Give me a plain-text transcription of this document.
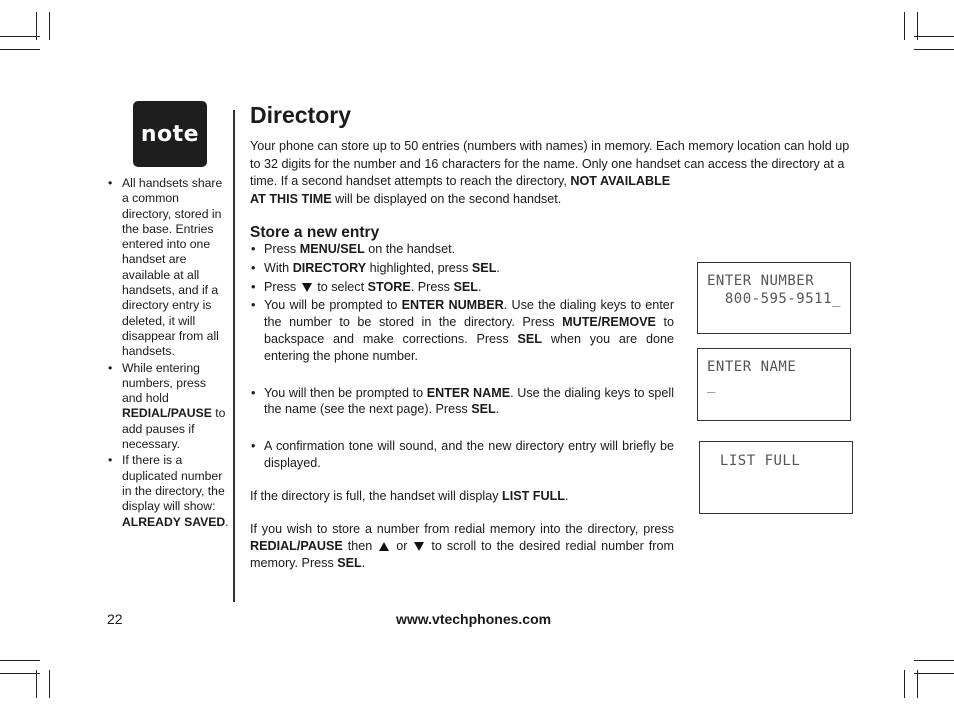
note
• All handsets share a common directory, stored in the base. Entries entered into one handset are available at all handsets, and if a directory entry is deleted, it will disappear from all handsets.
• While entering numbers, press and hold REDIAL/PAUSE to add pauses if necessary.
• If there is a duplicated number in the directory, the display will show: ALREADY SAVED.
Directory

Your phone can store up to 50 entries (numbers with names) in memory. Each memory location can hold up to 32 digits for the number and 16 characters for the name. Only one handset can access the directory at a time. If a second handset attempts to reach the directory, NOT AVAILABLE
AT THIS TIME will be displayed on the second handset.

Store a new entry
• Press MENU/SEL on the handset.
• With DIRECTORY highlighted, press SEL.
• Press  to select STORE. Press SEL.
• You will be prompted to ENTER NUMBER. Use the dialing keys to enter the number to be stored in the directory. Press MUTE/REMOVE to backspace and make corrections. Press SEL when you are done entering the phone number.
• You will then be prompted to ENTER NAME. Use the dialing keys to spell the name (see the next page). Press SEL.
• A confirmation tone will sound, and the new directory entry will briefly be displayed.

If the directory is full, the handset will display LIST FULL.

If you wish to store a number from redial memory into the directory, press REDIAL/PAUSE then  or  to scroll to the desired redial number from memory. Press SEL.

ENTER NUMBER
800-595-9511_
ENTER NAME
_
LIST FULL
22	www.vtechphones.com
